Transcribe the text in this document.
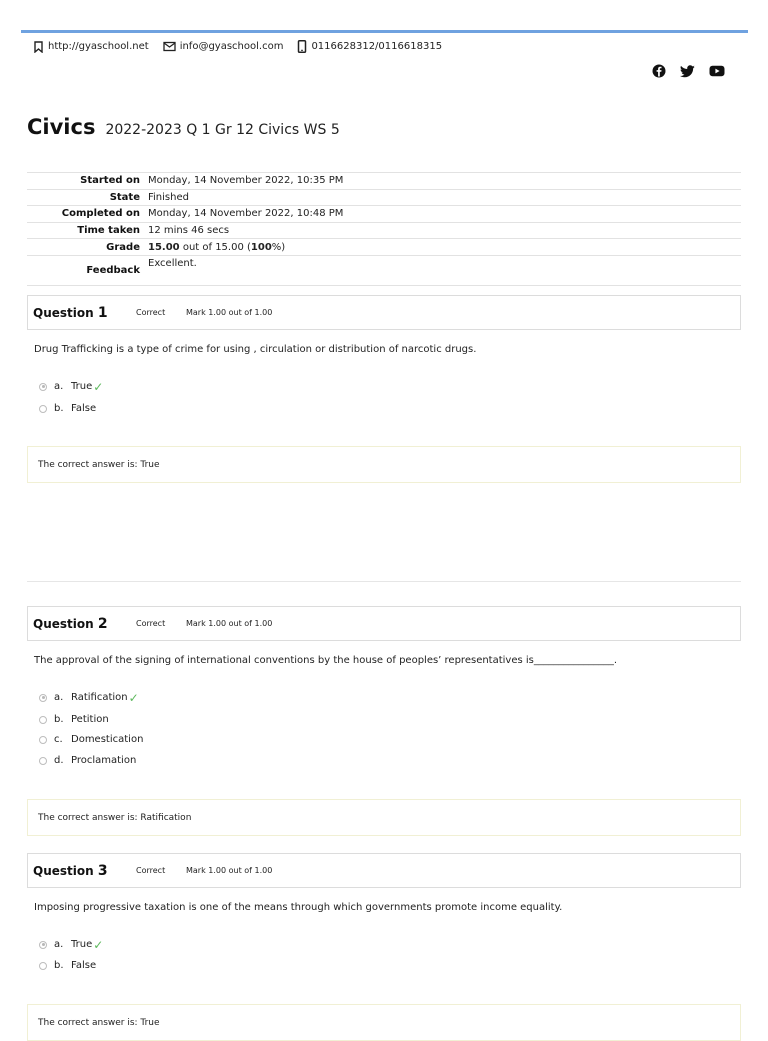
http://gyaschool.net	info@gyaschool.com	0116628312/0116618315
Civics 2022-2023 Q 1 Gr 12 Civics WS 5
Started on	Monday, 14 November 2022, 10:35 PM
State	Finished
Completed on	Monday, 14 November 2022, 10:48 PM
Time taken	12 mins 46 secs
Grade	15.00 out of 15.00 (100%)
Feedback	Excellent.
Question 1	Correct	Mark 1.00 out of 1.00
Drug Trafficking is a type of crime for using , circulation or distribution of narcotic drugs.
a. True ✓
b. False
The correct answer is: True
Question 2	Correct	Mark 1.00 out of 1.00
The approval of the signing of international conventions by the house of peoples’ representatives is________________.
a. Ratification ✓
b. Petition
c. Domestication
d. Proclamation
The correct answer is: Ratification
Question 3	Correct	Mark 1.00 out of 1.00
Imposing progressive taxation is one of the means through which governments promote income equality.
a. True ✓
b. False
The correct answer is: True
